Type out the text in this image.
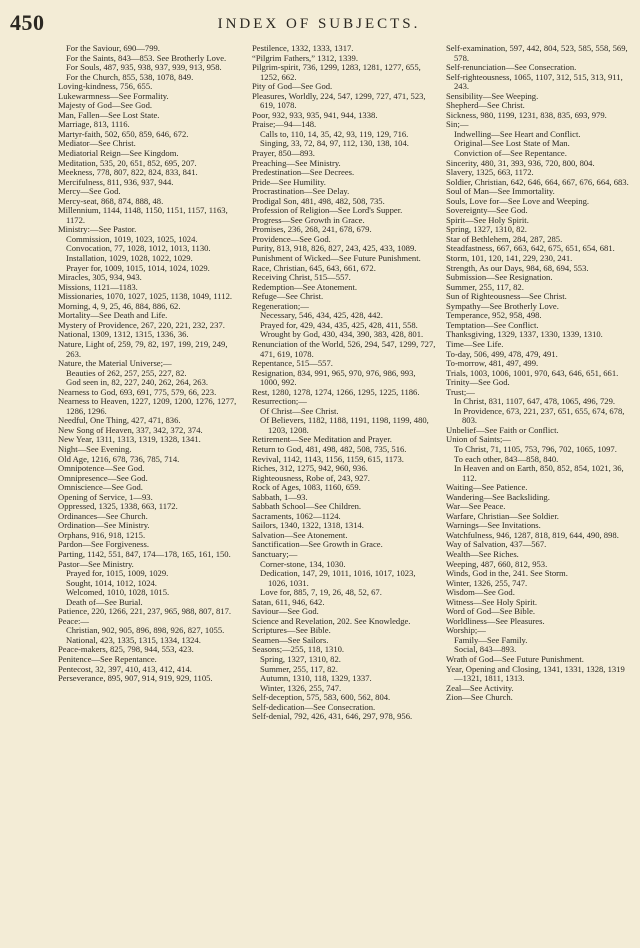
450	INDEX OF SUBJECTS.

For the Saviour, 690—799.

For the Saints, 843—853. See Brotherly Love.

For Souls, 487, 935, 938, 937, 939, 913, 958.

For the Church, 855, 538, 1078, 849.

Loving-kindness, 756, 655.

Lukewarmness—See Formality.

Majesty of God—See God.

Man, Fallen—See Lost State.

Marriage, 813, 1116.

Martyr-faith, 502, 650, 859, 646, 672.

Mediator—See Christ.

Mediatorial Reign—See Kingdom.

Meditation, 535, 20, 651, 852, 695, 207.

Meekness, 778, 807, 822, 824, 833, 841.

Mercifulness, 811, 936, 937, 944.

Mercy—See God.

Mercy-seat, 868, 874, 888, 48.

Millennium, 1144, 1148, 1150, 1151, 1157, 1163, 1172.

Ministry:—See Pastor.

Commission, 1019, 1023, 1025, 1024.

Convocation, 77, 1028, 1012, 1013, 1130.

Installation, 1029, 1028, 1022, 1029.

Prayer for, 1009, 1015, 1014, 1024, 1029.

Miracles, 305, 934, 943.

Missions, 1121—1183.

Missionaries, 1070, 1027, 1025, 1138, 1049, 1112.

Morning, 4, 9, 25, 46, 884, 886, 62.

Mortality—See Death and Life.

Mystery of Providence, 267, 220, 221, 232, 237.

National, 1309, 1312, 1315, 1336, 36.

Nature, Light of, 259, 79, 82, 197, 199, 219, 249, 263.

Nature, the Material Universe;—

Beauties of 262, 257, 255, 227, 82.

God seen in, 82, 227, 240, 262, 264, 263.

Nearness to God, 693, 691, 775, 579, 66, 223.

Nearness to Heaven, 1227, 1209, 1200, 1276, 1277, 1286, 1296.

Needful, One Thing, 427, 471, 836.

New Song of Heaven, 337, 342, 372, 374.

New Year, 1311, 1313, 1319, 1328, 1341.

Night—See Evening.

Old Age, 1216, 678, 736, 785, 714.

Omnipotence—See God.

Omnipresence—See God.

Omniscience—See God.

Opening of Service, 1—93.

Oppressed, 1325, 1338, 663, 1172.

Ordinances—See Church.

Ordination—See Ministry.

Orphans, 916, 918, 1215.

Pardon—See Forgiveness.

Parting, 1142, 551, 847, 174—178, 165, 161, 150.

Pastor—See Ministry.

Prayed for, 1015, 1009, 1029.

Sought, 1014, 1012, 1024.

Welcomed, 1010, 1028, 1015.

Death of—See Burial.

Patience, 220, 1266, 221, 237, 965, 988, 807, 817.

Peace:—

Christian, 902, 905, 896, 898, 926, 827, 1055.

National, 423, 1335, 1315, 1334, 1324.

Peace-makers, 825, 798, 944, 553, 423.

Penitence—See Repentance.

Pentecost, 32, 397, 410, 413, 412, 414.

Perseverance, 895, 907, 914, 919, 929, 1105.

Pestilence, 1332, 1333, 1317.

“Pilgrim Fathers,” 1312, 1339.

Pilgrim-spirit, 736, 1299, 1283, 1281, 1277, 655, 1252, 662.

Pity of God—See God.

Pleasures, Worldly, 224, 547, 1299, 727, 471, 523, 619, 1078.

Poor, 932, 933, 935, 941, 944, 1338.

Praise;—94—148.

Calls to, 110, 14, 35, 42, 93, 119, 129, 716.

Singing, 33, 72, 84, 97, 112, 130, 138, 104.

Prayer, 850—893.

Preaching—See Ministry.

Predestination—See Decrees.

Pride—See Humility.

Procrastination—See Delay.

Prodigal Son, 481, 498, 482, 508, 735.

Profession of Religion—See Lord's Supper.

Progress—See Growth in Grace.

Promises, 236, 268, 241, 678, 679.

Providence—See God.

Purity, 813, 918, 826, 827, 243, 425, 433, 1089.

Punishment of Wicked—See Future Punishment.

Race, Christian, 645, 643, 661, 672.

Receiving Christ, 515—557.

Redemption—See Atonement.

Refuge—See Christ.

Regeneration;—

Necessary, 546, 434, 425, 428, 442.

Prayed for, 429, 434, 435, 425, 428, 411, 558.

Wrought by God, 430, 434, 390, 383, 428, 801.

Renunciation of the World, 526, 294, 547, 1299, 727, 471, 619, 1078.

Repentance, 515—557.

Resignation, 834, 991, 965, 970, 976, 986, 993, 1000, 992.

Rest, 1280, 1278, 1274, 1266, 1295, 1225, 1186.

Resurrection;—

Of Christ—See Christ.

Of Believers, 1182, 1188, 1191, 1198, 1199, 480, 1203, 1208.

Retirement—See Meditation and Prayer.

Return to God, 481, 498, 482, 508, 735, 516.

Revival, 1142, 1143, 1156, 1159, 615, 1173.

Riches, 312, 1275, 942, 960, 936.

Righteousness, Robe of, 243, 927.

Rock of Ages, 1083, 1160, 659.

Sabbath, 1—93.

Sabbath School—See Children.

Sacraments, 1062—1124.

Sailors, 1340, 1322, 1318, 1314.

Salvation—See Atonement.

Sanctification—See Growth in Grace.

Sanctuary;—

Corner-stone, 134, 1030.

Dedication, 147, 29, 1011, 1016, 1017, 1023, 1026, 1031.

Love for, 885, 7, 19, 26, 48, 52, 67.

Satan, 611, 946, 642.

Saviour—See God.

Science and Revelation, 202. See Knowledge.

Scriptures—See Bible.

Seamen—See Sailors.

Seasons;—255, 118, 1310.

Spring, 1327, 1310, 82.

Summer, 255, 117, 82.

Autumn, 1310, 118, 1329, 1337.

Winter, 1326, 255, 747.

Self-deception, 575, 583, 600, 562, 804.

Self-dedication—See Consecration.

Self-denial, 792, 426, 431, 646, 297, 978, 956.

Self-examination, 597, 442, 804, 523, 585, 558, 569, 578.

Self-renunciation—See Consecration.

Self-righteousness, 1065, 1107, 312, 515, 313, 911, 243.

Sensibility—See Weeping.

Shepherd—See Christ.

Sickness, 980, 1199, 1231, 838, 835, 693, 979.

Sin;—

Indwelling—See Heart and Conflict.

Original—See Lost State of Man.

Conviction of—See Repentance.

Sincerity, 480, 31, 393, 936, 720, 800, 804.

Slavery, 1325, 663, 1172.

Soldier, Christian, 642, 646, 664, 667, 676, 664, 683.

Soul of Man—See Immortality.

Souls, Love for—See Love and Weeping.

Sovereignty—See God.

Spirit—See Holy Spirit.

Spring, 1327, 1310, 82.

Star of Bethlehem, 284, 287, 285.

Steadfastness, 667, 663, 642, 675, 651, 654, 681.

Storm, 101, 120, 141, 229, 230, 241.

Strength, As our Days, 984, 68, 694, 553.

Submission—See Resignation.

Summer, 255, 117, 82.

Sun of Righteousness—See Christ.

Sympathy—See Brotherly Love.

Temperance, 952, 958, 498.

Temptation—See Conflict.

Thanksgiving, 1329, 1337, 1330, 1339, 1310.

Time—See Life.

To-day, 506, 499, 478, 479, 491.

To-morrow, 481, 497, 499.

Trials, 1003, 1006, 1001, 970, 643, 646, 651, 661.

Trinity—See God.

Trust;—

In Christ, 831, 1107, 647, 478, 1065, 496, 729.

In Providence, 673, 221, 237, 651, 655, 674, 678, 803.

Unbelief—See Faith or Conflict.

Union of Saints;—

To Christ, 71, 1105, 753, 796, 702, 1065, 1097.

To each other, 843—858, 840.

In Heaven and on Earth, 850, 852, 854, 1021, 36, 112.

Waiting—See Patience.

Wandering—See Backsliding.

War—See Peace.

Warfare, Christian—See Soldier.

Warnings—See Invitations.

Watchfulness, 946, 1287, 818, 819, 644, 490, 898.

Way of Salvation, 437—567.

Wealth—See Riches.

Weeping, 487, 660, 812, 953.

Winds, God in the, 241. See Storm.

Winter, 1326, 255, 747.

Wisdom—See God.

Witness—See Holy Spirit.

Word of God—See Bible.

Worldliness—See Pleasures.

Worship;—

Family—See Family.

Social, 843—893.

Wrath of God—See Future Punishment.

Year, Opening and Closing, 1341, 1331, 1328, 1319—1321, 1811, 1313.

Zeal—See Activity.

Zion—See Church.
